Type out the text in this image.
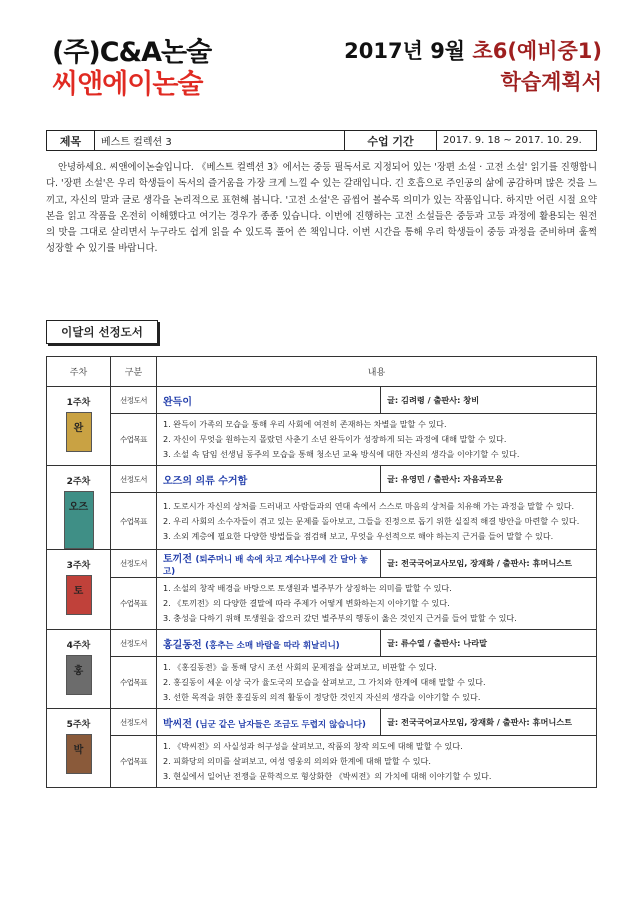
(주)C&A논술
씨앤에이논술
2017년 9월 초6(예비중1)
학습계획서
제목	베스트 컬렉션 3	수업 기간	2017. 9. 18 ~ 2017. 10. 29.

안녕하세요. 씨앤에이논술입니다. 《베스트 컬렉션 3》에서는 중등 필독서로 지정되어 있는 '장편 소설 · 고전 소설' 읽기를 진행합니다. '장편 소설'은 우리 학생들이 독서의 즐거움을 가장 크게 느낄 수 있는 갈래입니다. 긴 호흡으로 주인공의 삶에 공감하며 많은 것을 느끼고, 자신의 말과 글로 생각을 논리적으로 표현해 봅니다. '고전 소설'은 곱씹어 볼수록 의미가 있는 작품입니다. 하지만 어린 시절 요약본을 읽고 작품을 온전히 이해했다고 여기는 경우가 종종 있습니다. 이번에 진행하는 고전 소설들은 중등과 고등 과정에 활용되는 원전의 맛을 그대로 살리면서 누구라도 쉽게 읽을 수 있도록 풀어 쓴 책입니다. 이번 시간을 통해 우리 학생들이 중등 과정을 준비하며 훌쩍 성장할 수 있기를 바랍니다.

이달의 선정도서
주차	구분	내용	

1주차
완	선정도서	완득이	글: 김려령 / 출판사: 창비
	수업목표	1. 완득이 가족의 모습을 통해 우리 사회에 여전히 존재하는 차별을 말할 수 있다.
2. 자신이 무엇을 원하는지 몰랐던 사춘기 소년 완득이가 성장하게 되는 과정에 대해 말할 수 있다.
3. 소설 속 담임 선생님 동주의 모습을 통해 청소년 교육 방식에 대한 자신의 생각을 이야기할 수 있다.	

2주차
오즈	선정도서	오즈의 의류 수거함	글: 유영민 / 출판사: 자음과모음
	수업목표	1. 도로시가 자신의 상처를 드러내고 사람들과의 연대 속에서 스스로 마음의 상처를 치유해 가는 과정을 말할 수 있다.
2. 우리 사회의 소수자들이 겪고 있는 문제를 돌아보고, 그들을 진정으로 돕기 위한 실질적 해결 방안을 마련할 수 있다.
3. 소외 계층에 필요한 다양한 방법들을 점검해 보고, 무엇을 우선적으로 해야 하는지 근거를 들어 말할 수 있다.	

3주차
토	선정도서	토끼전 (퇴주머니 배 속에 차고 계수나무에 간 달아 놓고)	글: 전국국어교사모임, 장재화 / 출판사: 휴머니스트
	수업목표	1. 소설의 창작 배경을 바탕으로 토생원과 별주부가 상징하는 의미를 말할 수 있다.
2. 《토끼전》의 다양한 결말에 따라 주제가 어떻게 변화하는지 이야기할 수 있다.
3. 충성을 다하기 위해 토생원을 잡으러 갔던 별주부의 행동이 옳은 것인지 근거를 들어 말할 수 있다.	

4주차
홍	선정도서	홍길동전 (홍추는 소매 바람을 따라 휘날리니)	글: 류수열 / 출판사: 나라말
	수업목표	1. 《홍길동전》을 통해 당시 조선 사회의 문제점을 살펴보고, 비판할 수 있다.
2. 홍길동이 세운 이상 국가 율도국의 모습을 살펴보고, 그 가치와 한계에 대해 말할 수 있다.
3. 선한 목적을 위한 홍길동의 의적 활동이 정당한 것인지 자신의 생각을 이야기할 수 있다.	

5주차
박	선정도서	박씨전 (님군 같은 남자들은 조금도 두렵지 않습니다)	글: 전국국어교사모임, 장재화 / 출판사: 휴머니스트
	수업목표	1. 《박씨전》의 사실성과 허구성을 살펴보고, 작품의 창작 의도에 대해 말할 수 있다.
2. 피화당의 의미를 살펴보고, 여성 영웅의 의의와 한계에 대해 말할 수 있다.
3. 현실에서 일어난 전쟁을 문학적으로 형상화한 《박씨전》의 가치에 대해 이야기할 수 있다.	
